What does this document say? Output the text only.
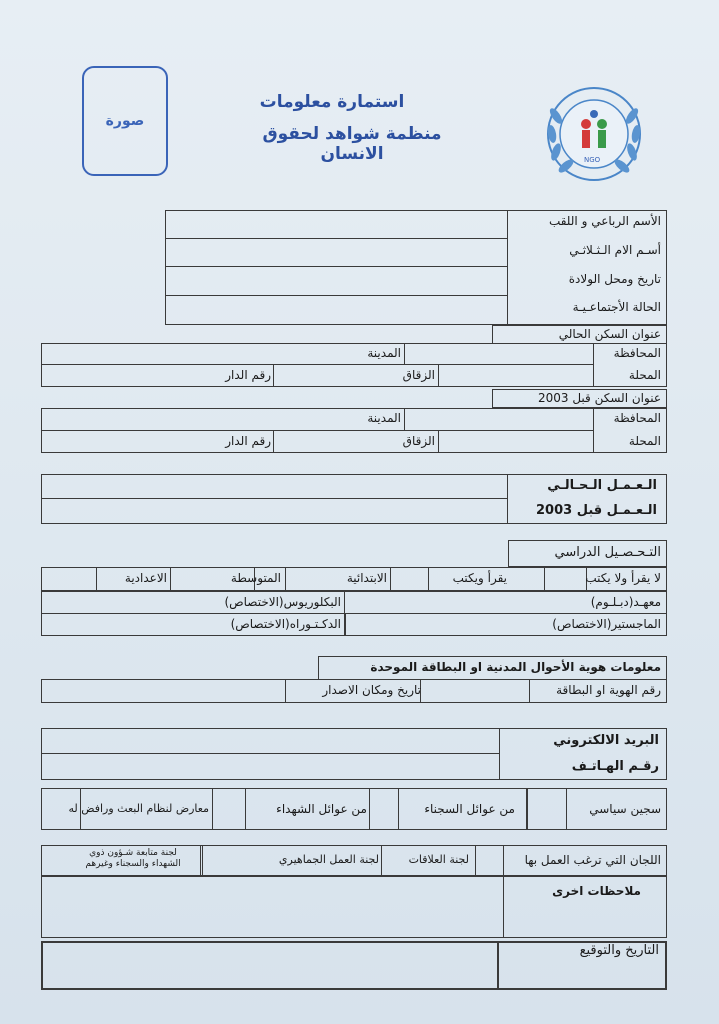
صورة
استمارة معلومات
منظمة شواهد لحقوق الانسان	NGO
الأسم الرباعي و اللقب
أسـم الام الـثـلاثـي
تاريخ ومحل الولادة
الحالة الأجتماعـيـة
عنوان السكن الحالي
المحافظة
المدينة
المحلة
الزقاق
رقم الدار
عنوان السكن قبل 2003
المحافظة
المدينة
المحلة
الزقاق
رقم الدار
الـعـمـل الـحـالـي
الـعـمـل قبل 2003
التـحـصـيل الدراسي
لا يقرأ ولا يكتب
يقرأ ويكتب
الابتدائية
المتوسطة
الاعدادية
معهـد(دبـلـوم)
البكلوريوس(الاختصاص)
الماجستير(الاختصاص)
الدكـتـوراه(الاختصاص)
معلومات هوية الأحوال المدنية او البطاقة الموحدة
رقم الهوية او البطاقة
تاريخ ومكان الاصدار
البريد الالكتروني
رقـم الهـاتـف
سجين سياسي
من عوائل السجناء
من عوائل الشهداء
معارض لنظام البعث ورافض له
اللجان التي ترغب العمل بها
لجنة العلاقات
لجنة العمل الجماهيري
لجنة متابعة شـؤون ذوي الشهداء والسجناء وغيرهم
ملاحظات اخرى
التاريخ والتوقيع
